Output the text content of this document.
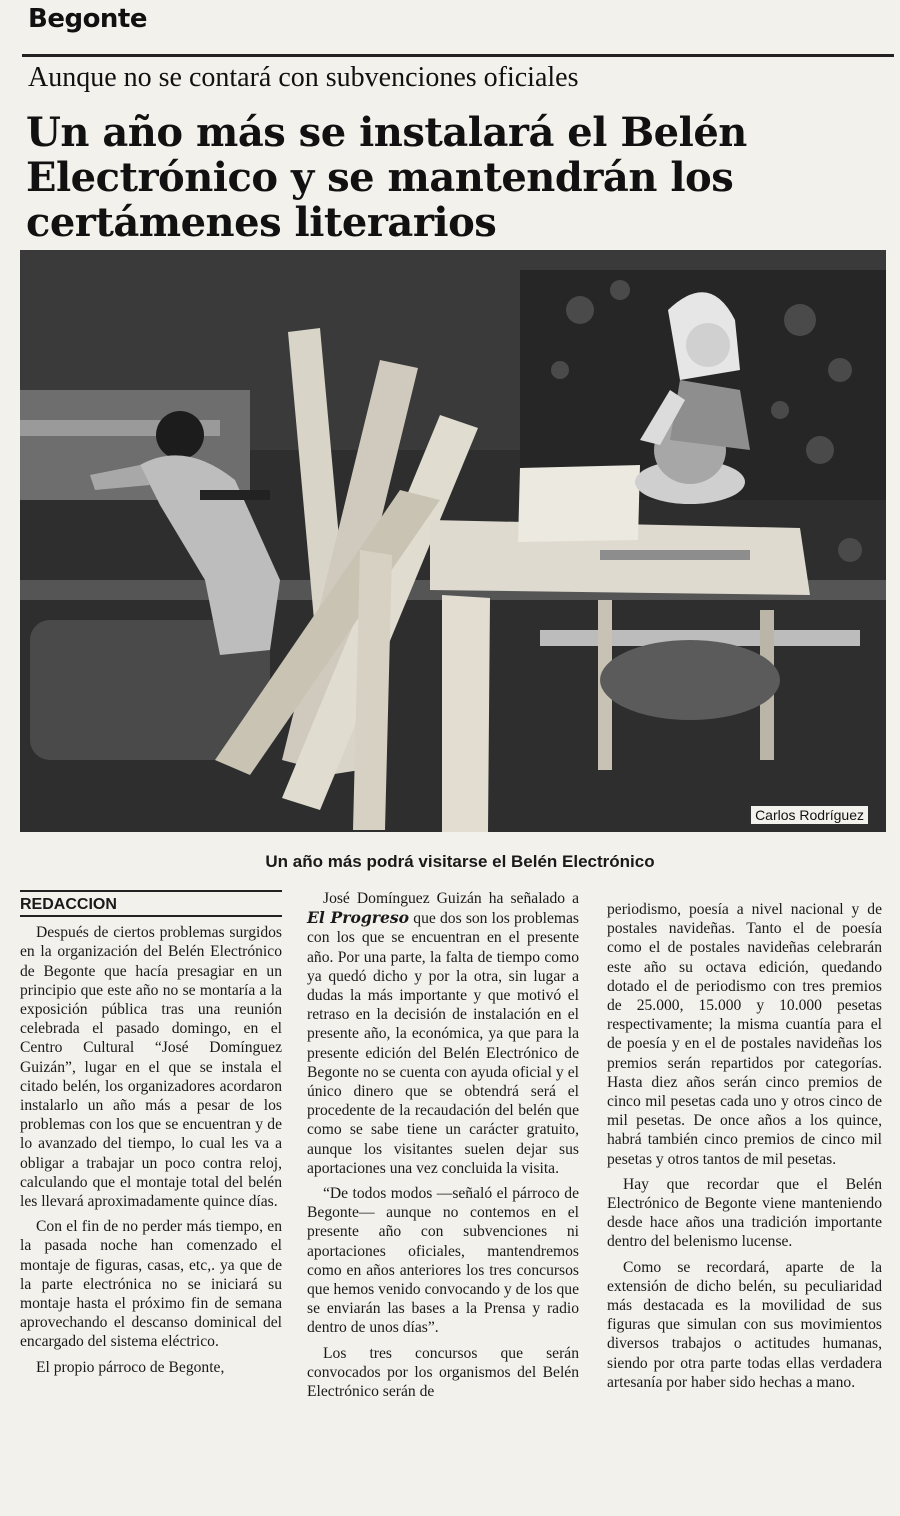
Begonte
Aunque no se contará con subvenciones oficiales
Un año más se instalará el Belén
Electrónico y se mantendrán los
certámenes literarios
Carlos Rodríguez
Un año más podrá visitarse el Belén Electrónico

REDACCION

Después de ciertos problemas surgidos en la organización del Belén Electrónico de Begonte que hacía presagiar en un principio que este año no se montaría a la exposición pública tras una reunión celebrada el pasado domingo, en el Centro Cultural “José Domínguez Guizán”, lugar en el que se instala el citado belén, los organizadores acordaron instalarlo un año más a pesar de los problemas con los que se encuentran y de lo avanzado del tiempo, lo cual les va a obligar a trabajar un poco contra reloj, calculando que el montaje total del belén les llevará aproximadamente quince días.

Con el fin de no perder más tiempo, en la pasada noche han comenzado el montaje de figuras, casas, etc,. ya que de la parte electrónica no se iniciará su montaje hasta el próximo fin de semana aprovechando el descanso dominical del encargado del sistema eléctrico.

El propio párroco de Begonte,

José Domínguez Guizán ha señalado a El Progreso que dos son los problemas con los que se encuentran en el presente año. Por una parte, la falta de tiempo como ya quedó dicho y por la otra, sin lugar a dudas la más importante y que motivó el retraso en la decisión de instalación en el presente año, la económica, ya que para la presente edición del Belén Electrónico de Begonte no se cuenta con ayuda oficial y el único dinero que se obtendrá será el procedente de la recaudación del belén que como se sabe tiene un carácter gratuito, aunque los visitantes suelen dejar sus aportaciones una vez concluida la visita.

“De todos modos —señaló el párroco de Begonte— aunque no contemos en el presente año con subvenciones ni aportaciones oficiales, mantendremos como en años anteriores los tres concursos que hemos venido convocando y de los que se enviarán las bases a la Prensa y radio dentro de unos días”.

Los tres concursos que serán convocados por los organismos del Belén Electrónico serán de

periodismo, poesía a nivel nacional y de postales navideñas. Tanto el de poesía como el de postales navideñas celebrarán este año su octava edición, quedando dotado el de periodismo con tres premios de 25.000, 15.000 y 10.000 pesetas respectivamente; la misma cuantía para el de poesía y en el de postales navideñas los premios serán repartidos por categorías. Hasta diez años serán cinco premios de cinco mil pesetas cada uno y otros cinco de mil pesetas. De once años a los quince, habrá también cinco premios de cinco mil pesetas y otros tantos de mil pesetas.

Hay que recordar que el Belén Electrónico de Begonte viene manteniendo desde hace años una tradición importante dentro del belenismo lucense.

Como se recordará, aparte de la extensión de dicho belén, su peculiaridad más destacada es la movilidad de sus figuras que simulan con sus movimientos diversos trabajos o actitudes humanas, siendo por otra parte todas ellas verdadera artesanía por haber sido hechas a mano.
